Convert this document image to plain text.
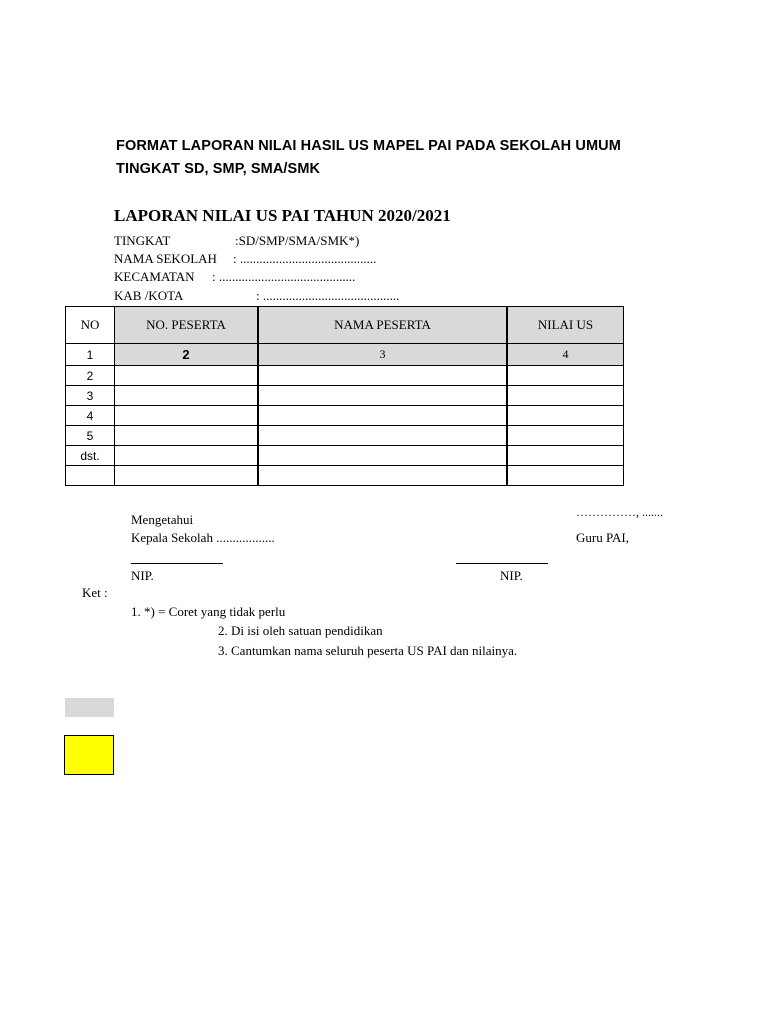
FORMAT LAPORAN NILAI HASIL US MAPEL PAI PADA SEKOLAH UMUM
TINGKAT SD, SMP, SMA/SMK
LAPORAN NILAI US PAI TAHUN 2020/2021
TINGKAT	:SD/SMP/SMA/SMK*)
NAMA SEKOLAH : ..........................................
KECAMATAN : ..........................................
KAB /KOTA	: ..........................................
NO	NO. PESERTA	NAMA PESERTA	NILAI US
1	2	3	4
2			
3			
4			
5			
dst.			

……………, .......
Mengetahui
Kepala Sekolah ..................	Guru PAI,
NIP.	NIP.
Ket :
1. *) = Coret yang tidak perlu
2. Di isi oleh satuan pendidikan
3. Cantumkan nama seluruh peserta US PAI dan nilainya.
